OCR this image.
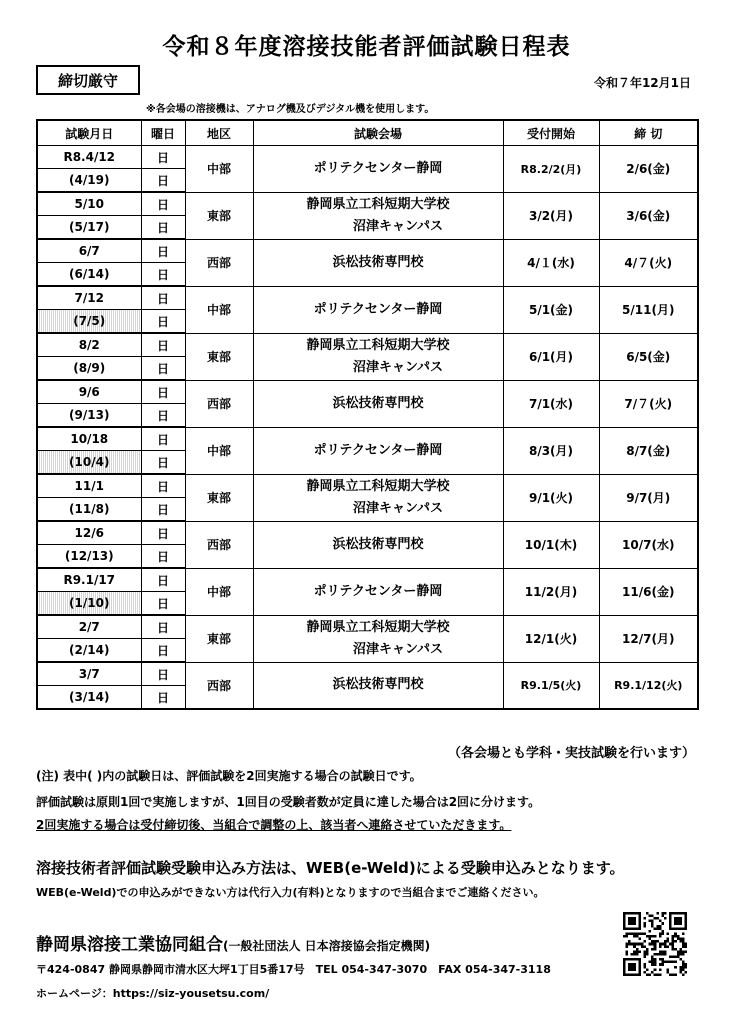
令和８年度溶接技能者評価試験日程表
締切厳守	令和７年12月1日
※各会場の溶接機は、アナログ機及びデジタル機を使用します。
試験月日	曜日	地区	試験会場	受付開始	締 切
R8.4/12	日	中部	ポリテクセンター静岡	R8.2/2(月)	2/6(金)
(4/19)	日				
5/10	日	東部	静岡県立工科短期大学校
沼津キャンパス	3/2(月)	3/6(金)
(5/17)	日				
6/7	日	西部	浜松技術専門校	4/１(水)	4/７(火)
(6/14)	日				
7/12	日	中部	ポリテクセンター静岡	5/1(金)	5/11(月)
(7/5)	日				
8/2	日	東部	静岡県立工科短期大学校
沼津キャンパス	6/1(月)	6/5(金)
(8/9)	日				
9/6	日	西部	浜松技術専門校	7/1(水)	7/７(火)
(9/13)	日				
10/18	日	中部	ポリテクセンター静岡	8/3(月)	8/7(金)
(10/4)	日				
11/1	日	東部	静岡県立工科短期大学校
沼津キャンパス	9/1(火)	9/7(月)
(11/8)	日				
12/6	日	西部	浜松技術専門校	10/1(木)	10/7(水)
(12/13)	日				
R9.1/17	日	中部	ポリテクセンター静岡	11/2(月)	11/6(金)
(1/10)	日				
2/7	日	東部	静岡県立工科短期大学校
沼津キャンパス	12/1(火)	12/7(月)
(2/14)	日				
3/7	日	西部	浜松技術専門校	R9.1/5(火)	R9.1/12(火)
(3/14)	日				
（各会場とも学科・実技試験を行います）
(注) 表中( )内の試験日は、評価試験を2回実施する場合の試験日です。
評価試験は原則1回で実施しますが、1回目の受験者数が定員に達した場合は2回に分けます。
2回実施する場合は受付締切後、当組合で調整の上、該当者へ連絡させていただきます。
溶接技術者評価試験受験申込み方法は、WEB(e-Weld)による受験申込みとなります。
WEB(e-Weld)での申込みができない方は代行入力(有料)となりますので当組合までご連絡ください。
静岡県溶接工業協同組合(一般社団法人 日本溶接協会指定機関)
〒424-0847 静岡県静岡市清水区大坪1丁目5番17号　TEL 054-347-3070　FAX 054-347-3118
ホームページ：https://siz-yousetsu.com/
